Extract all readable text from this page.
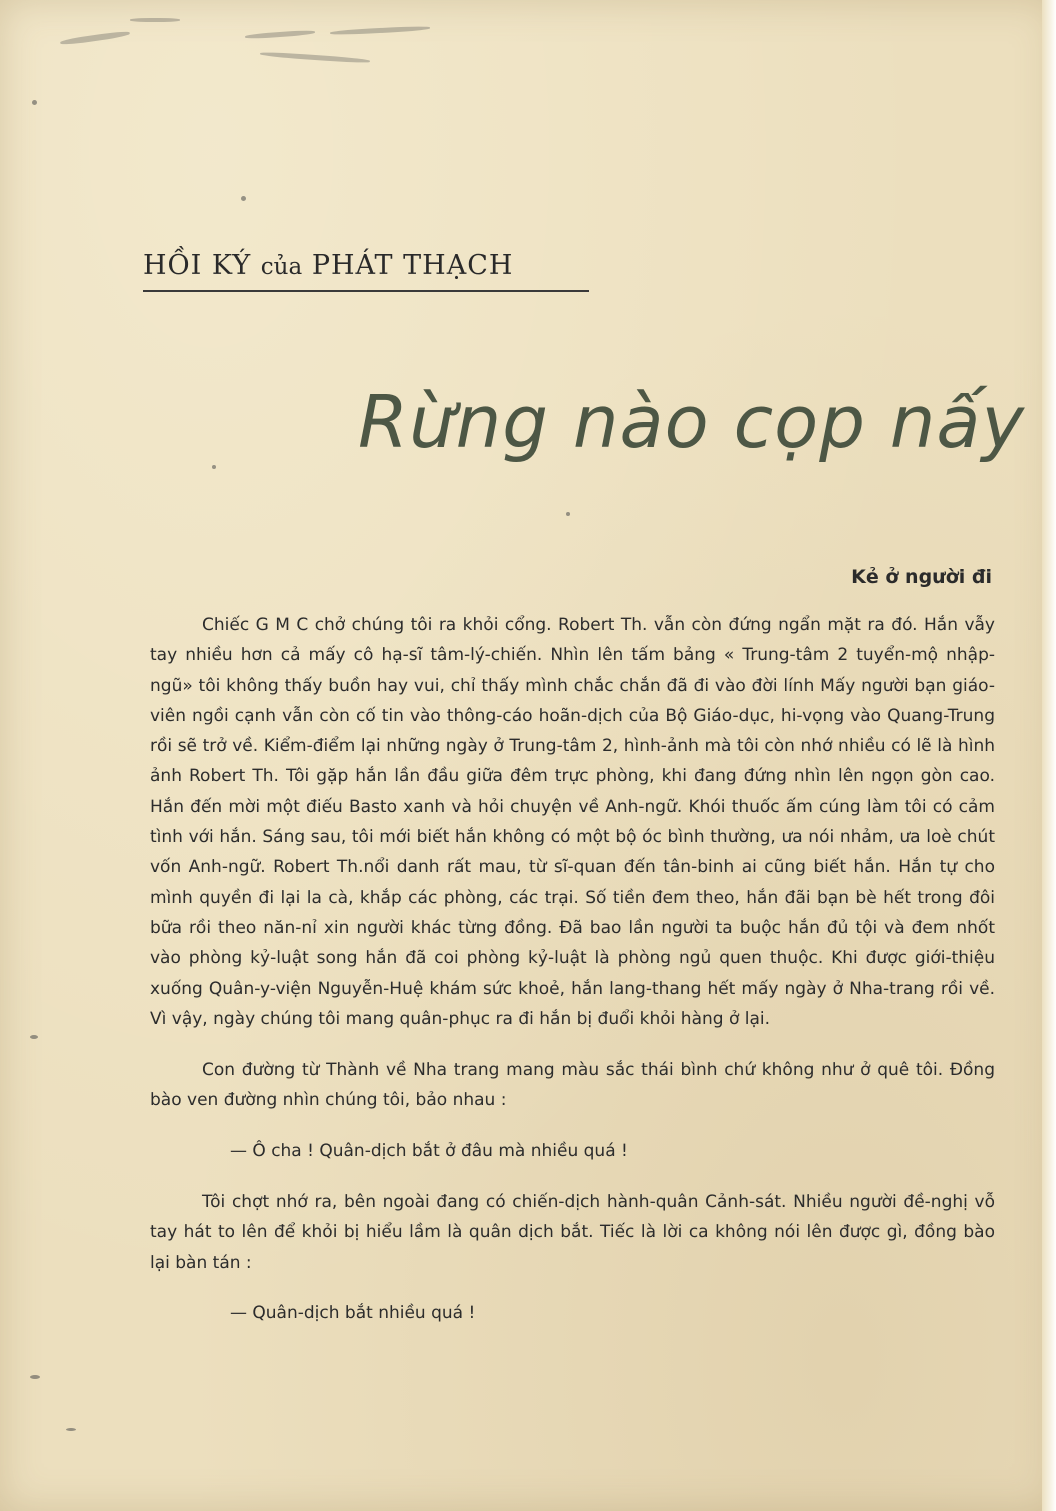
HỒI KÝ của PHÁT THẠCH
Rừng nào cọp nấy
Kẻ ở người đi

Chiếc G M C chở chúng tôi ra khỏi cổng. Robert Th. vẫn còn đứng ngẩn mặt ra đó. Hắn vẫy tay nhiều hơn cả mấy cô hạ-sĩ tâm-lý-chiến. Nhìn lên tấm bảng « Trung-tâm 2 tuyển-mộ nhập-ngũ» tôi không thấy buồn hay vui, chỉ thấy mình chắc chắn đã đi vào đời lính Mấy người bạn giáo-viên ngồi cạnh vẫn còn cố tin vào thông-cáo hoãn-dịch của Bộ Giáo-dục, hi-vọng vào Quang-Trung rồi sẽ trở về. Kiểm-điểm lại những ngày ở Trung-tâm 2, hình-ảnh mà tôi còn nhớ nhiều có lẽ là hình ảnh Robert Th. Tôi gặp hắn lần đầu giữa đêm trực phòng, khi đang đứng nhìn lên ngọn gòn cao. Hắn đến mời một điếu Basto xanh và hỏi chuyện về Anh-ngữ. Khói thuốc ấm cúng làm tôi có cảm tình với hắn. Sáng sau, tôi mới biết hắn không có một bộ óc bình thường, ưa nói nhảm, ưa loè chút vốn Anh-ngữ. Robert Th.nổi danh rất mau, từ sĩ-quan đến tân-binh ai cũng biết hắn. Hắn tự cho mình quyền đi lại la cà, khắp các phòng, các trại. Số tiền đem theo, hắn đãi bạn bè hết trong đôi bữa rồi theo năn-nỉ xin người khác từng đồng. Đã bao lần người ta buộc hắn đủ tội và đem nhốt vào phòng kỷ-luật song hắn đã coi phòng kỷ-luật là phòng ngủ quen thuộc. Khi được giới-thiệu xuống Quân-y-viện Nguyễn-Huệ khám sức khoẻ, hắn lang-thang hết mấy ngày ở Nha-trang rồi về. Vì vậy, ngày chúng tôi mang quân-phục ra đi hắn bị đuổi khỏi hàng ở lại.

Con đường từ Thành về Nha trang mang màu sắc thái bình chứ không như ở quê tôi. Đồng bào ven đường nhìn chúng tôi, bảo nhau :

— Ô cha ! Quân-dịch bắt ở đâu mà nhiều quá !

Tôi chợt nhớ ra, bên ngoài đang có chiến-dịch hành-quân Cảnh-sát. Nhiều người đề-nghị vỗ tay hát to lên để khỏi bị hiểu lầm là quân dịch bắt. Tiếc là lời ca không nói lên được gì, đồng bào lại bàn tán :

— Quân-dịch bắt nhiều quá !
